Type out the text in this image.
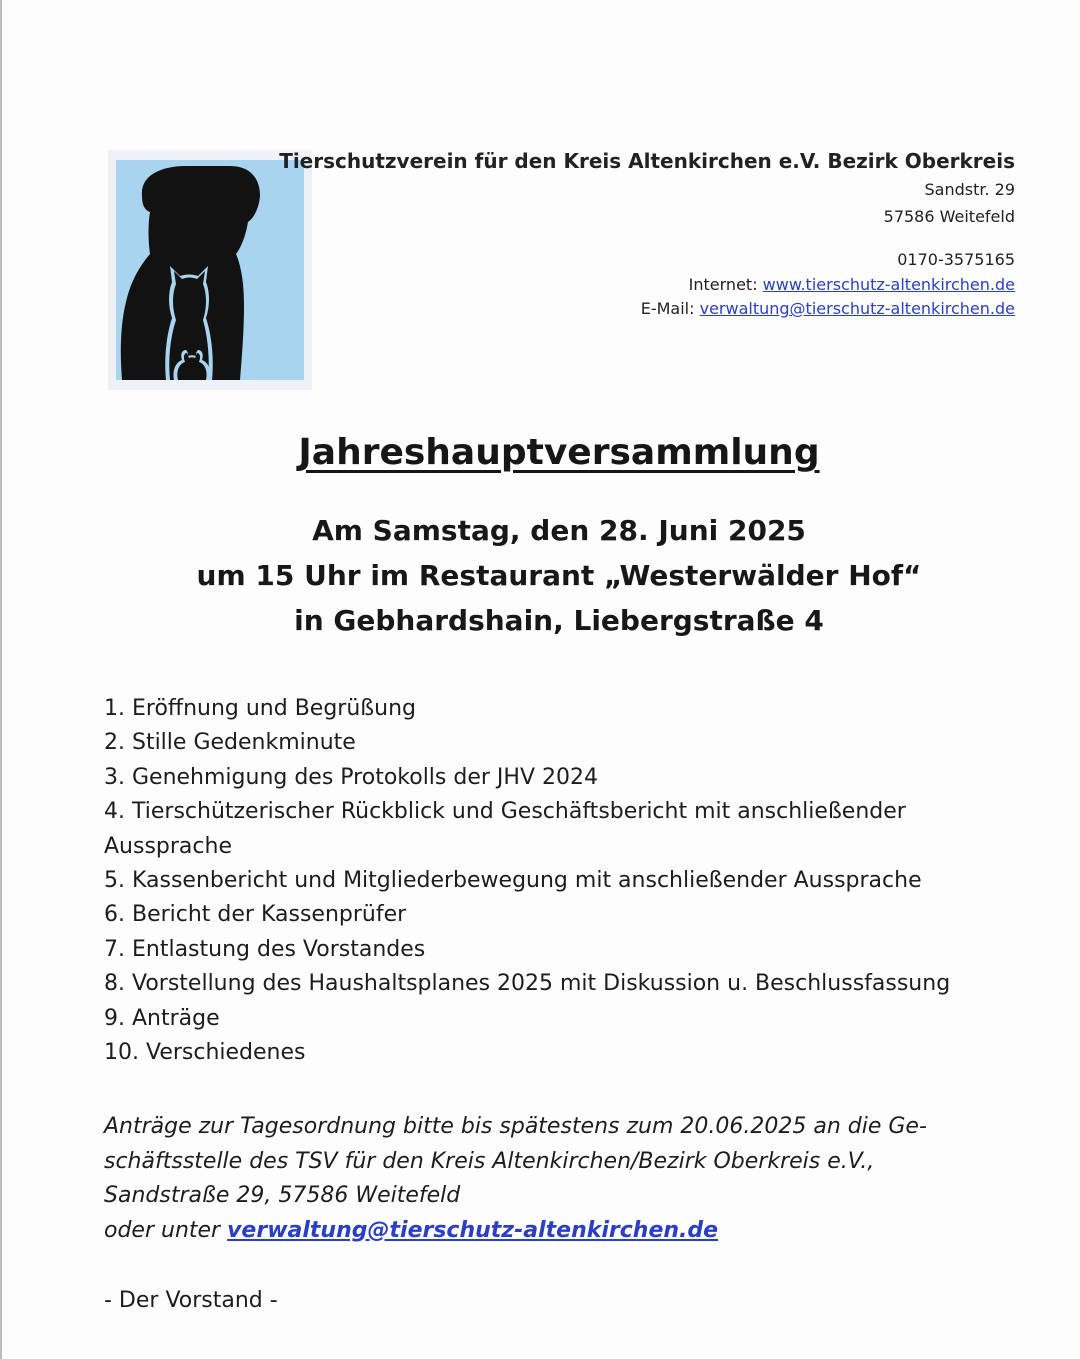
Tierschutzverein für den Kreis Altenkirchen e.V. Bezirk Oberkreis
Sandstr. 29
57586 Weitefeld
0170-3575165
Internet: www.tierschutz-altenkirchen.de
E-Mail: verwaltung@tierschutz-altenkirchen.de
Jahreshauptversammlung
Am Samstag, den 28. Juni 2025
um 15 Uhr im Restaurant „Westerwälder Hof“
in Gebhardshain, Liebergstraße 4
1. Eröffnung und Begrüßung
2. Stille Gedenkminute
3. Genehmigung des Protokolls der JHV 2024
4. Tierschützerischer Rückblick und Geschäftsbericht mit anschließender Aussprache
5. Kassenbericht und Mitgliederbewegung mit anschließender Aussprache
6. Bericht der Kassenprüfer
7. Entlastung des Vorstandes
8. Vorstellung des Haushaltsplanes 2025 mit Diskussion u. Beschlussfassung
9. Anträge
10. Verschiedenes
Anträge zur Tagesordnung bitte bis spätestens zum 20.06.2025 an die Ge-
schäftsstelle des TSV für den Kreis Altenkirchen/Bezirk Oberkreis e.V.,
Sandstraße 29, 57586 Weitefeld
oder unter verwaltung@tierschutz-altenkirchen.de
- Der Vorstand -
